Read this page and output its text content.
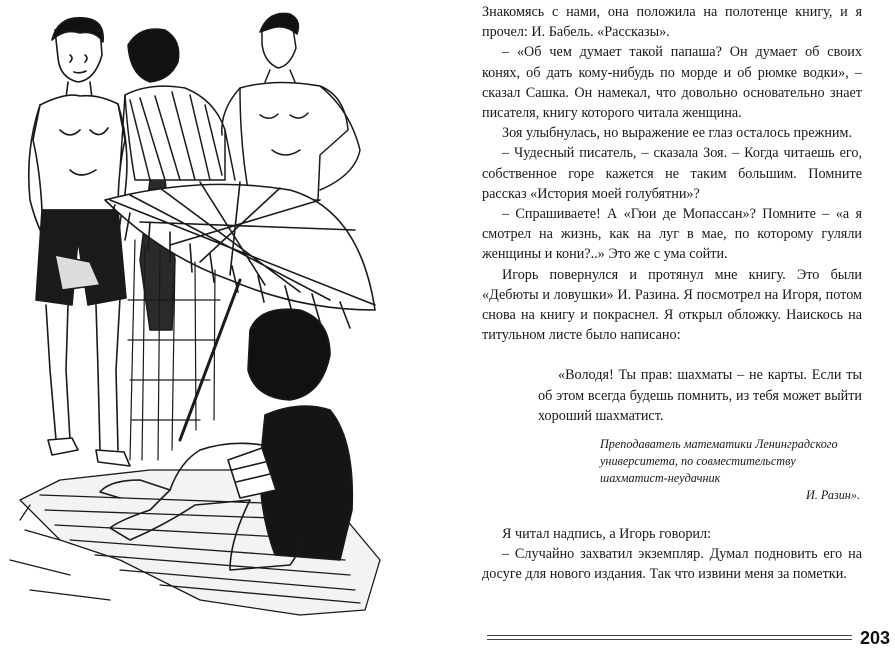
Знакомясь с нами, она положила на полотенце книгу, и я прочел: И. Бабель. «Рассказы».

– «Об чем думает такой папаша? Он думает об своих конях, об дать кому-нибудь по морде и об рюмке водки», – сказал Сашка. Он намекал, что довольно основательно знает писателя, книгу которого читала женщина.

Зоя улыбнулась, но выражение ее глаз осталось прежним.

– Чудесный писатель, – сказала Зоя. – Когда читаешь его, собственное горе кажется не таким большим. Помните рассказ «История моей голубятни»?

– Спрашиваете! А «Гюи де Мопассан»? Помните – «а я смотрел на жизнь, как на луг в мае, по которому гуляли женщины и кони?..» Это же с ума сойти.

Игорь повернулся и протянул мне книгу. Это были «Дебюты и ловушки» И. Разина. Я посмотрел на Игоря, потом снова на книгу и покраснел. Я открыл обложку. Наискось на титульном листе было написано:

«Володя! Ты прав: шахматы – не карты. Если ты об этом всегда будешь помнить, из тебя может выйти хороший шахматист.

Преподаватель математики Ленинградского университета, по совместительству шахматист-неудачник

И. Разин».

Я читал надпись, а Игорь говорил:

– Случайно захватил экземпляр. Думал подновить его на досуге для нового издания. Так что извини меня за пометки.

203
